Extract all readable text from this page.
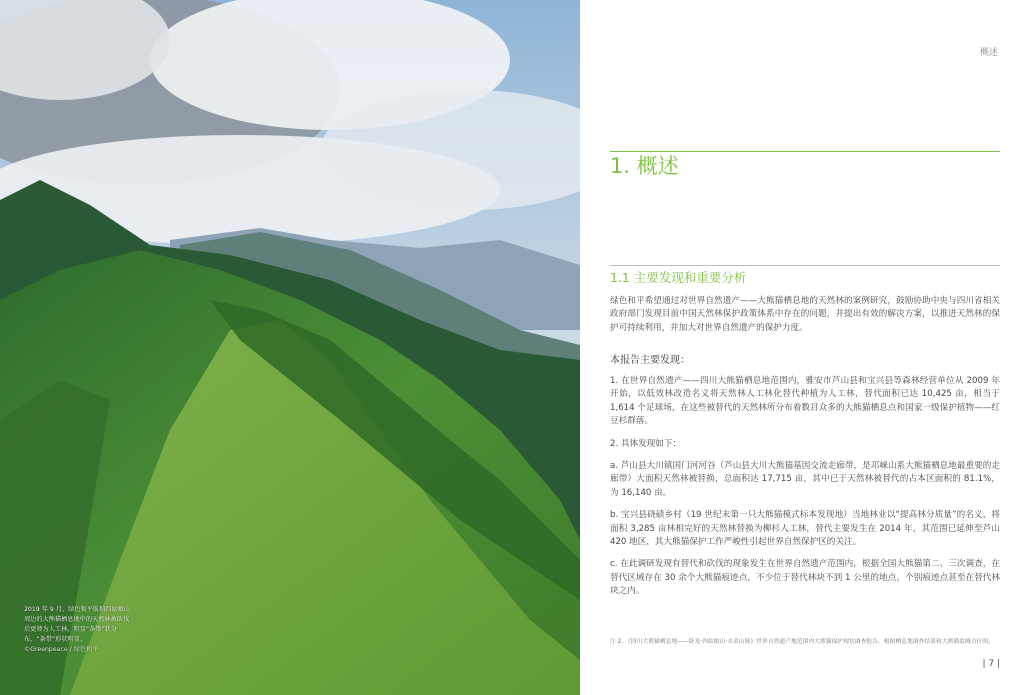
2019 年 9 月，绿色和平航拍四姑娘山周边的大熊猫栖息地中的天然林被砍伐后更替为人工林，明显“条带”状分布，“条带”形状明显。
©Greenpeace / 绿色和平
概述
1. 概述
1.1 主要发现和重要分析
绿色和平希望通过对世界自然遗产——大熊猫栖息地的天然林的案例研究，鼓励协助中央与四川省相关政府部门发现目前中国天然林保护政策体系中存在的问题，并提出有效的解决方案，以推进天然林的保护可持续利用，并加大对世界自然遗产的保护力度。
本报告主要发现：

1. 在世界自然遗产——四川大熊猫栖息地范围内，雅安市芦山县和宝兴县等森林经营单位从 2009 年开始，以低效林改造名义将天然林人工林化替代种植为人工林，替代面积已达 10,425 亩，相当于 1,614 个足球场，在这些被替代的天然林所分布着数目众多的大熊猫栖息点和国家一级保护植物——红豆杉群落。

2. 具体发现如下：

a. 芦山县大川镇国门河河谷（芦山县大川大熊猫基因交流走廊带，是邛崃山系大熊猫栖息地最重要的走廊带）大面积天然林被替换，总面积达 17,715 亩，其中已于天然林被替代的占本区面积的 81.1%，为 16,140 亩。

b. 宝兴县硗碛乡村（19 世纪末第一只大熊猫模式标本发现地）当地林业以“提高林分质量”的名义，将面积 3,285 亩林相完好的天然林替换为柳杉人工林，替代主要发生在 2014 年，其范围已延伸至芦山 420 地区，其大熊猫保护工作严峻性引起世界自然保护区的关注。

c. 在此调研发现有替代和砍伐的现象发生在世界自然遗产范围内，根据全国大熊猫第二、三次调查，在替代区域存在 30 余个大熊猫痕迹点，不少位于替代林块不到 1 公里的地点，个别痕迹点甚至在替代林块之内。

注 2. 《四川大熊猫栖息地——卧龙·四姑娘山·夹金山脉》世界自然遗产地范围内大熊猫保护现状调查报告，根据栖息地调查结果和大熊猫监测点位图。
| 7 |
